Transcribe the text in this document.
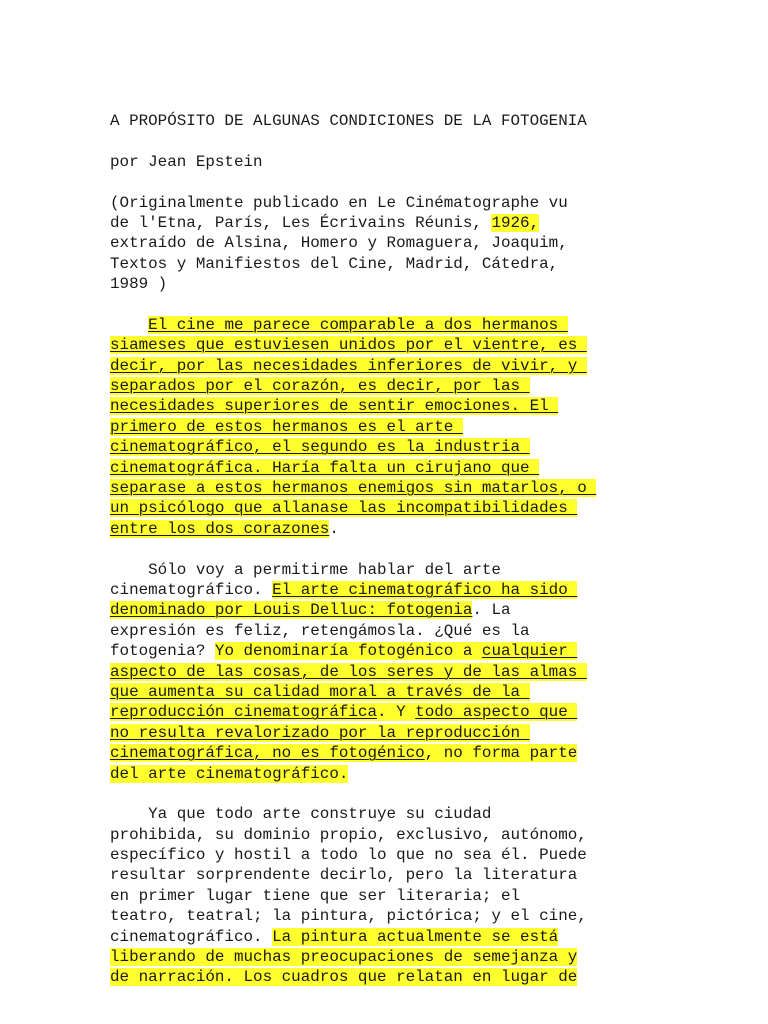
A PROPÓSITO DE ALGUNAS CONDICIONES DE LA FOTOGENIA
por Jean Epstein
(Originalmente publicado en Le Cinématographe vu
de l'Etna, París, Les Écrivains Réunis, 1926,
extraído de Alsina, Homero y Romaguera, Joaquim,
Textos y Manifiestos del Cine, Madrid, Cátedra,
1989 )
El cine me parece comparable a dos hermanos
siameses que estuviesen unidos por el vientre, es
decir, por las necesidades inferiores de vivir, y
separados por el corazón, es decir, por las
necesidades superiores de sentir emociones. El
primero de estos hermanos es el arte
cinematográfico, el segundo es la industria
cinematográfica. Haría falta un cirujano que
separase a estos hermanos enemigos sin matarlos, o
un psicólogo que allanase las incompatibilidades
entre los dos corazones.
Sólo voy a permitirme hablar del arte
cinematográfico. El arte cinematográfico ha sido
denominado por Louis Delluc: fotogenia. La
expresión es feliz, retengámosla. ¿Qué es la
fotogenia? Yo denominaría fotogénico a cualquier
aspecto de las cosas, de los seres y de las almas
que aumenta su calidad moral a través de la
reproducción cinematográfica. Y todo aspecto que
no resulta revalorizado por la reproducción
cinematográfica, no es fotogénico, no forma parte
del arte cinematográfico.
Ya que todo arte construye su ciudad
prohibida, su dominio propio, exclusivo, autónomo,
específico y hostil a todo lo que no sea él. Puede
resultar sorprendente decirlo, pero la literatura
en primer lugar tiene que ser literaria; el
teatro, teatral; la pintura, pictórica; y el cine,
cinematográfico. La pintura actualmente se está
liberando de muchas preocupaciones de semejanza y
de narración. Los cuadros que relatan en lugar de
